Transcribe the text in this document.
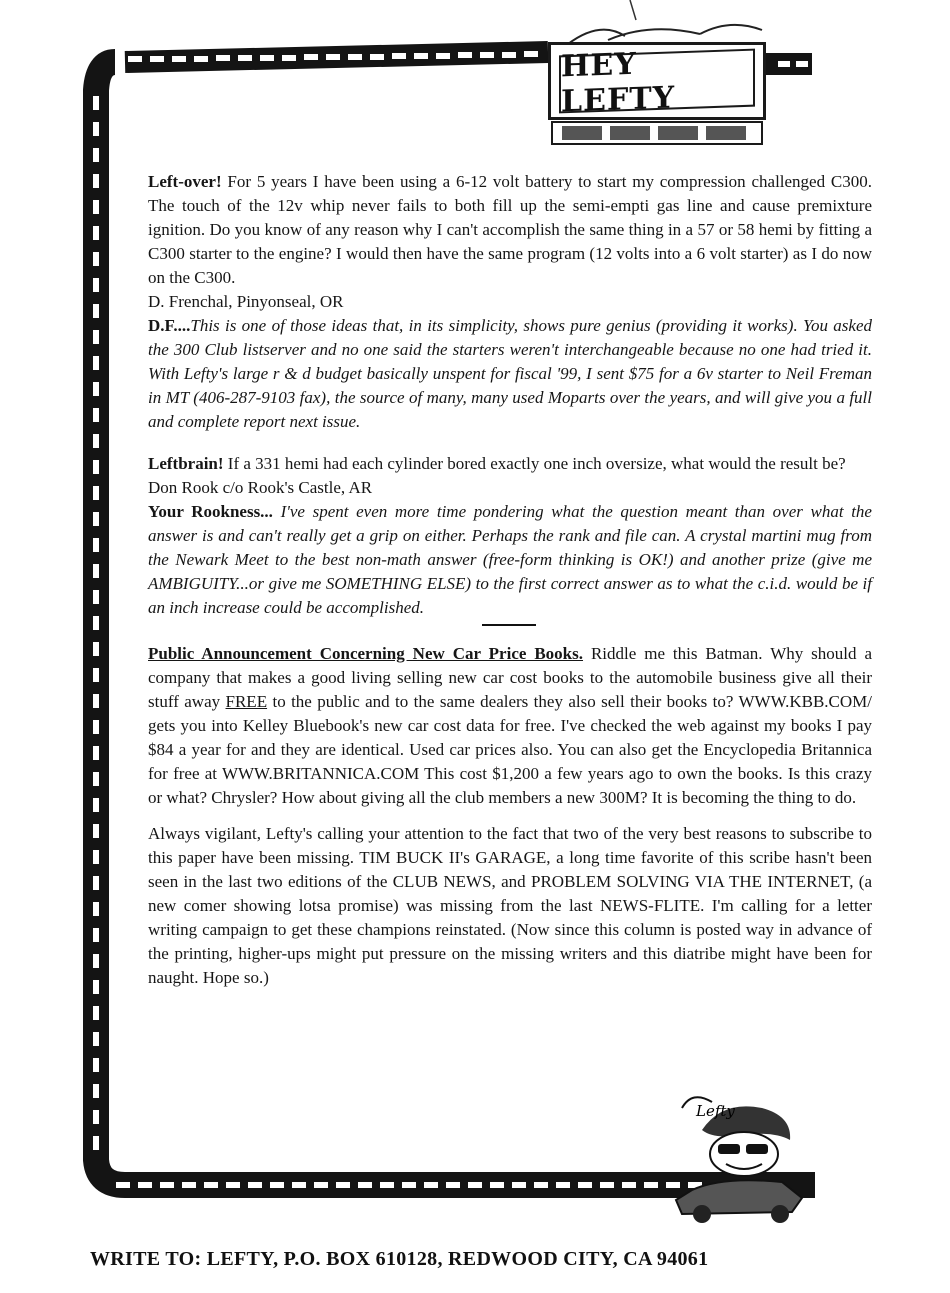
HEY LEFTY

Left-over! For 5 years I have been using a 6-12 volt battery to start my compression challenged C300. The touch of the 12v whip never fails to both fill up the semi-empti gas line and cause premixture ignition. Do you know of any reason why I can't accomplish the same thing in a 57 or 58 hemi by fitting a C300 starter to the engine? I would then have the same program (12 volts into a 6 volt starter) as I do now on the C300.

D. Frenchal, Pinyonseal, OR

D.F....This is one of those ideas that, in its simplicity, shows pure genius (providing it works). You asked the 300 Club listserver and no one said the starters weren't interchangeable because no one had tried it. With Lefty's large r & d budget basically unspent for fiscal '99, I sent $75 for a 6v starter to Neil Freman in MT (406-287-9103 fax), the source of many, many used Moparts over the years, and will give you a full and complete report next issue.

Leftbrain! If a 331 hemi had each cylinder bored exactly one inch oversize, what would the result be?

Don Rook c/o Rook's Castle, AR

Your Rookness... I've spent even more time pondering what the question meant than over what the answer is and can't really get a grip on either. Perhaps the rank and file can. A crystal martini mug from the Newark Meet to the best non-math answer (free-form thinking is OK!) and another prize (give me AMBIGUITY...or give me SOMETHING ELSE) to the first correct answer as to what the c.i.d. would be if an inch increase could be accomplished.

Public Announcement Concerning New Car Price Books. Riddle me this Batman. Why should a company that makes a good living selling new car cost books to the automobile business give all their stuff away FREE to the public and to the same dealers they also sell their books to? WWW.KBB.COM/ gets you into Kelley Bluebook's new car cost data for free. I've checked the web against my books I pay $84 a year for and they are identical. Used car prices also. You can also get the Encyclopedia Britannica for free at WWW.BRITANNICA.COM This cost $1,200 a few years ago to own the books. Is this crazy or what? Chrysler? How about giving all the club members a new 300M? It is becoming the thing to do.

Always vigilant, Lefty's calling your attention to the fact that two of the very best reasons to subscribe to this paper have been missing. TIM BUCK II's GARAGE, a long time favorite of this scribe hasn't been seen in the last two editions of the CLUB NEWS, and PROBLEM SOLVING VIA THE INTERNET, (a new comer showing lotsa promise) was missing from the last NEWS-FLITE. I'm calling for a letter writing campaign to get these champions reinstated. (Now since this column is posted way in advance of the printing, higher-ups might put pressure on the missing writers and this diatribe might have been for naught. Hope so.)

Lefty
WRITE TO: LEFTY, P.O. BOX 610128, REDWOOD CITY, CA 94061
